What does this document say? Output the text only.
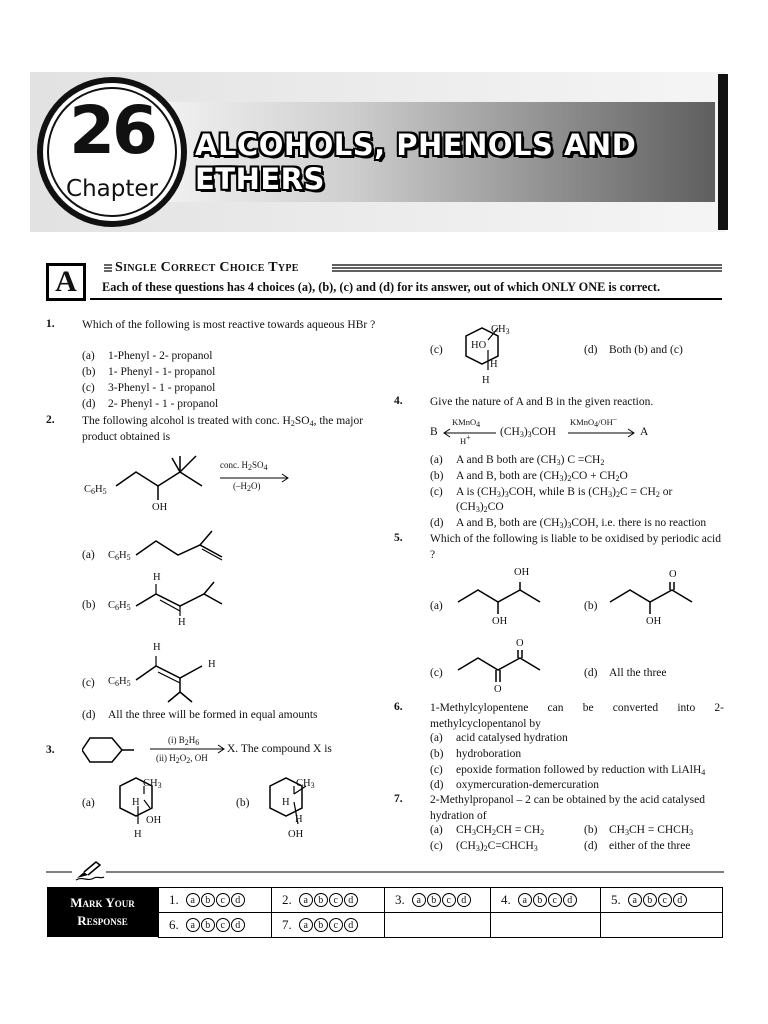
26
Chapter
ALCOHOLS, PHENOLS AND ETHERS
A	Single Correct Choice Type
Each of these questions has 4 choices (a), (b), (c) and (d) for its answer, out of which ONLY ONE is correct.
1. Which of the following is most reactive towards aqueous HBr ?
(a) 1-Phenyl - 2- propanol
(b) 1- Phenyl - 1- propanol
(c) 3-Phenyl - 1 - propanol
(d) 2- Phenyl - 1 - propanol
2. The following alcohol is treated with conc. $H_2SO_4$, the major product obtained is
$C_6H_5$
OH
conc. $H_2SO_4$
$(-H_2O)$
(a) $C_6H_5$
(b)
H
H
$C_6H_5$
(c)
H
H
$C_6H_5$
(d) All the three will be formed in equal amounts
3.
(i) $B_2H_6$
(ii) $H_2O_2$, OH
X. The compound X is
(a)
$CH_3$
H
OH
H
(b)
$CH_3$
H
H
OH
(c)
$CH_3$
HO
H
H
(d) Both (b) and (c)
4. Give the nature of A and B in the given reaction.
B
KMnO$_4$
H+	$(CH_3)_3COH$
KMnO$_4$/OH–
A
(a) A and B both are $(CH_3)$ $C =CH_2$
(b) A and B, both are $(CH_3)_2CO + CH_2O$
(c) A is $(CH_3)_3COH$, while B is $(CH_3)_2C = CH_2$ or
$(CH_3)_2CO$
(d) A and B, both are $(CH_3)_3COH$, i.e. there is no reaction
5. Which of the following is liable to be oxidised by periodic acid ?
(a)
OH
OH
(b)
O
OH
(c)
O
O
(d) All the three
6. 1-Methylcylopentene can be converted into 2-methylcyclopentanol by
(a) acid catalysed hydration
(b) hydroboration
(c) epoxide formation followed by reduction with LiAlH$_4$
(d) oxymercuration-demercuration
7. 2-Methylpropanol – 2 can be obtained by the acid catalysed hydration of
(a) $CH_3CH_2CH = CH_2$	(b) $CH_3CH$ = $CHCH_3$
(c) $(CH_3)_2C=CHCH_3$	(d) either of the three
Mark Your
Response
1.	a	b	c	d	2.	a	b	c	d	3.	a	b	c	d	4.	a	b	c	d	5.	a	b	c	d
6.	a	b	c	d	7.	a	b	c	d
